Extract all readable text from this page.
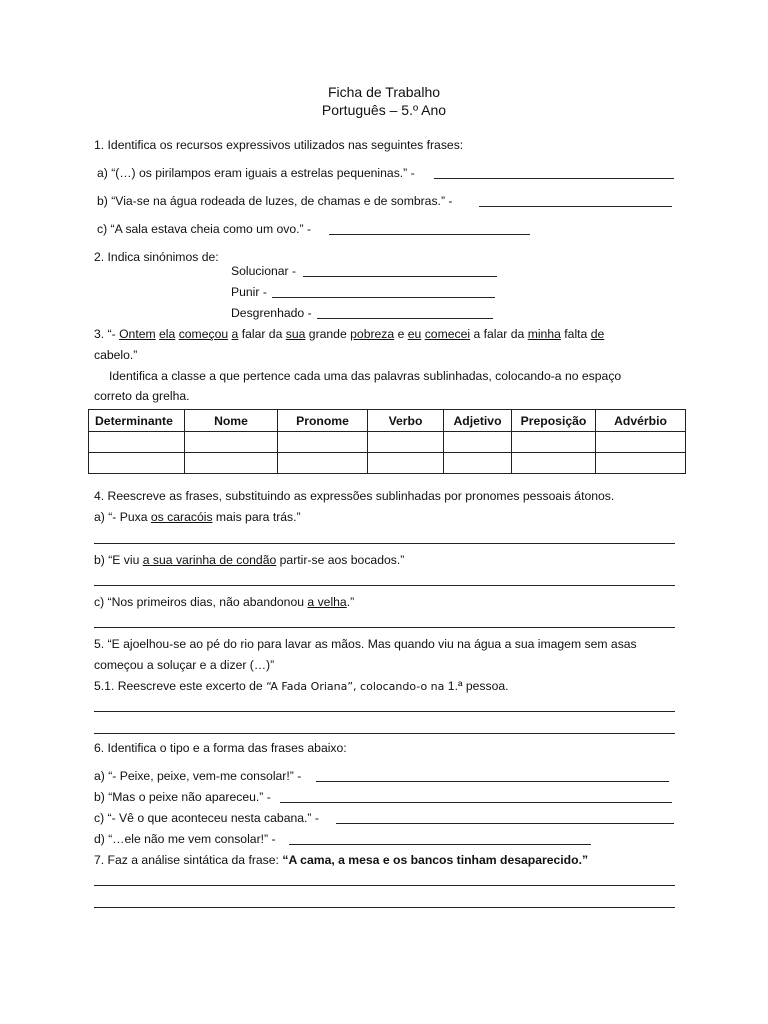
Ficha de Trabalho
Português – 5.º Ano
1. Identifica os recursos expressivos utilizados nas seguintes frases:
a) “(…) os pirilampos eram iguais a estrelas pequeninas.” -
b) “Via-se na água rodeada de luzes, de chamas e de sombras.” -
c) “A sala estava cheia como um ovo.” -
2. Indica sinónimos de:
Solucionar -
Punir -
Desgrenhado -
3. “- Ontem ela começou a falar da sua grande pobreza e eu comecei a falar da minha falta de
cabelo.”
Identifica a classe a que pertence cada uma das palavras sublinhadas, colocando-a no espaço
correto da grelha.
Determinante	Nome	Pronome	Verbo	Adjetivo	Preposição	Advérbio

4. Reescreve as frases, substituindo as expressões sublinhadas por pronomes pessoais átonos.
a) “- Puxa os caracóis mais para trás.”
b) “E viu a sua varinha de condão partir-se aos bocados.”
c) “Nos primeiros dias, não abandonou a velha.”
5. “E ajoelhou-se ao pé do rio para lavar as mãos. Mas quando viu na água a sua imagem sem asas
começou a soluçar e a dizer (…)”
5.1. Reescreve este excerto de “A Fada Oriana”, colocando-o na 1.ª pessoa.
6. Identifica o tipo e a forma das frases abaixo:
a) “- Peixe, peixe, vem-me consolar!” -
b) “Mas o peixe não apareceu.” -
c) “- Vê o que aconteceu nesta cabana.” -
d) “…ele não me vem consolar!” -
7. Faz a análise sintática da frase: “A cama, a mesa e os bancos tinham desaparecido.”
